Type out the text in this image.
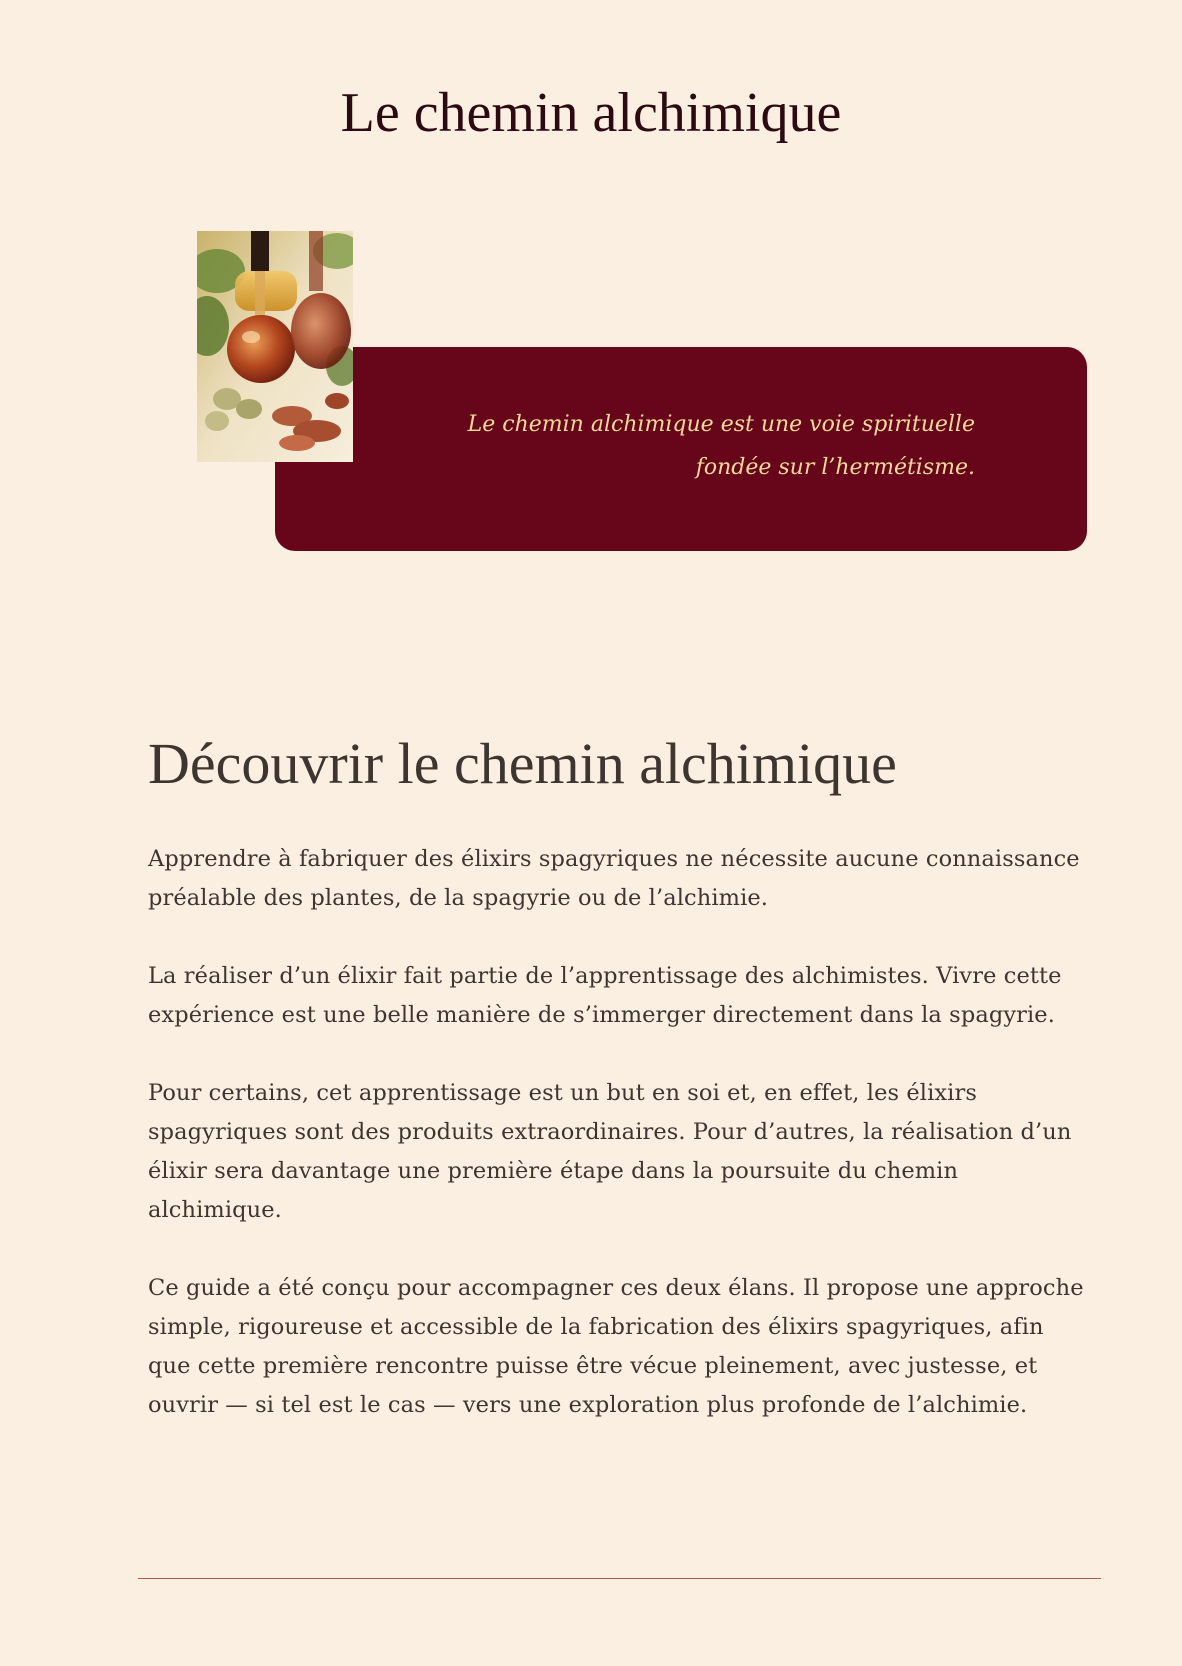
Le chemin alchimique
Le chemin alchimique est une voie spirituelle
fondée sur l’hermétisme.
Découvrir le chemin alchimique

Apprendre à fabriquer des élixirs spagyriques ne nécessite aucune connaissance préalable des plantes, de la spagyrie ou de l’alchimie.

La réaliser d’un élixir fait partie de l’apprentissage des alchimistes. Vivre cette expérience est une belle manière de s’immerger directement dans la spagyrie.

Pour certains, cet apprentissage est un but en soi et, en effet, les élixirs spagyriques sont des produits extraordinaires. Pour d’autres, la réalisation d’un élixir sera davantage une première étape dans la poursuite du chemin alchimique.

Ce guide a été conçu pour accompagner ces deux élans. Il propose une approche simple, rigoureuse et accessible de la fabrication des élixirs spagyriques, afin que cette première rencontre puisse être vécue pleinement, avec justesse, et ouvrir — si tel est le cas — vers une exploration plus profonde de l’alchimie.
